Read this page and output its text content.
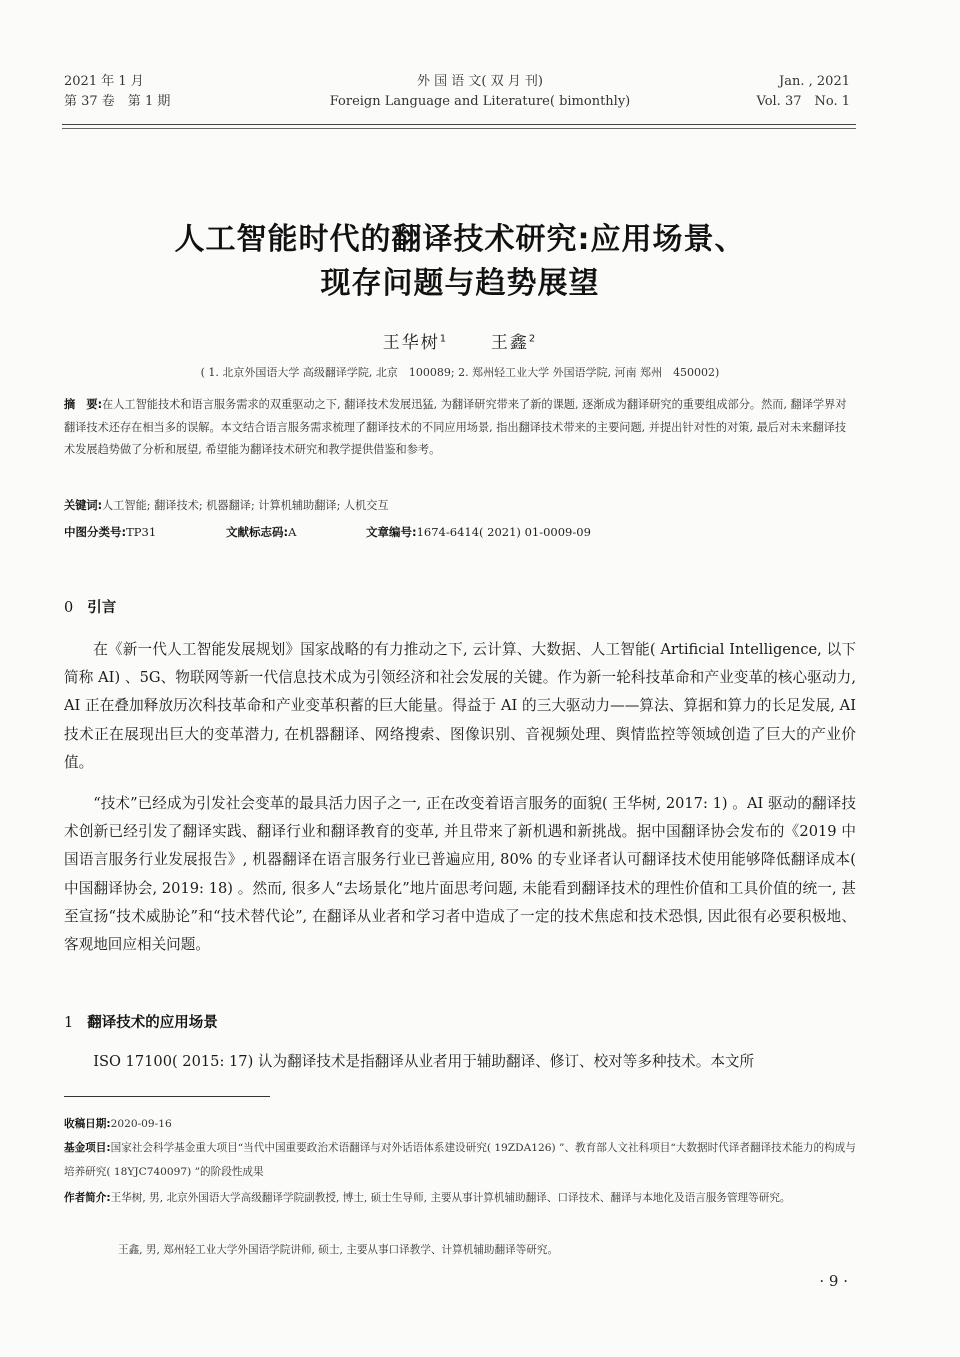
2021 年 1 月
第 37 卷　第 1 期
外 国 语 文( 双 月 刊)
Foreign Language and Literature( bimonthly)
Jan. , 2021
Vol. 37　No. 1
人工智能时代的翻译技术研究:应用场景、
现存问题与趋势展望
王华树$^1$	王鑫$^2$
( 1. 北京外国语大学 高级翻译学院, 北京　100089; 2. 郑州轻工业大学 外国语学院, 河南 郑州　450002)
摘　要:在人工智能技术和语言服务需求的双重驱动之下, 翻译技术发展迅猛, 为翻译研究带来了新的课题, 逐渐成为翻译研究的重要组成部分。然而, 翻译学界对翻译技术还存在相当多的误解。本文结合语言服务需求梳理了翻译技术的不同应用场景, 指出翻译技术带来的主要问题, 并提出针对性的对策, 最后对未来翻译技术发展趋势做了分析和展望, 希望能为翻译技术研究和教学提供借鉴和参考。
关键词:人工智能; 翻译技术; 机器翻译; 计算机辅助翻译; 人机交互
中图分类号:TP31	文献标志码:A	文章编号:1674-6414( 2021) 01-0009-09
0 引言
在《新一代人工智能发展规划》国家战略的有力推动之下, 云计算、大数据、人工智能( Artificial Intelligence, 以下简称 AI) 、5G、物联网等新一代信息技术成为引领经济和社会发展的关键。作为新一轮科技革命和产业变革的核心驱动力, AI 正在叠加释放历次科技革命和产业变革积蓄的巨大能量。得益于 AI 的三大驱动力——算法、算据和算力的长足发展, AI 技术正在展现出巨大的变革潜力, 在机器翻译、网络搜索、图像识别、音视频处理、舆情监控等领域创造了巨大的产业价值。
“技术”已经成为引发社会变革的最具活力因子之一, 正在改变着语言服务的面貌( 王华树, 2017: 1) 。AI 驱动的翻译技术创新已经引发了翻译实践、翻译行业和翻译教育的变革, 并且带来了新机遇和新挑战。据中国翻译协会发布的《2019 中国语言服务行业发展报告》, 机器翻译在语言服务行业已普遍应用, 80% 的专业译者认可翻译技术使用能够降低翻译成本( 中国翻译协会, 2019: 18) 。然而, 很多人“去场景化”地片面思考问题, 未能看到翻译技术的理性价值和工具价值的统一, 甚至宣扬“技术威胁论”和“技术替代论”, 在翻译从业者和学习者中造成了一定的技术焦虑和技术恐惧, 因此很有必要积极地、客观地回应相关问题。
1 翻译技术的应用场景
ISO 17100( 2015: 17) 认为翻译技术是指翻译从业者用于辅助翻译、修订、校对等多种技术。本文所
收稿日期:2020-09-16
基金项目:国家社会科学基金重大项目“当代中国重要政治术语翻译与对外话语体系建设研究( 19ZDA126) ”、教育部人文社科项目“大数据时代译者翻译技术能力的构成与培养研究( 18YJC740097) ”的阶段性成果
作者简介:王华树, 男, 北京外国语大学高级翻译学院副教授, 博士, 硕士生导师, 主要从事计算机辅助翻译、口译技术、翻译与本地化及语言服务管理等研究。
王鑫, 男, 郑州轻工业大学外国语学院讲师, 硕士, 主要从事口译教学、计算机辅助翻译等研究。
· 9 ·
